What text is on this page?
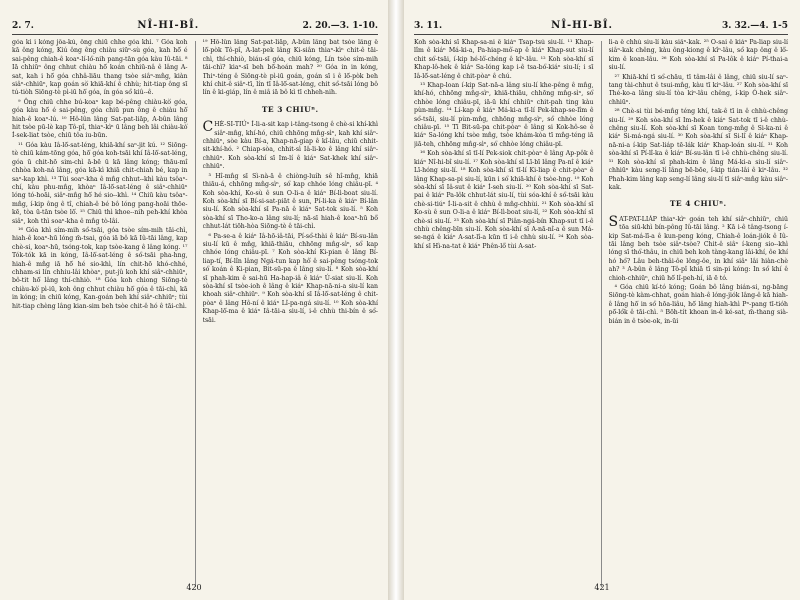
2. 7.	NÎ-HI-BÎ.	2. 20.—3. 1-10.

góa kì i kóng jôa-kú, ông chiū chhe góa khì. ⁷ Góa koh kā ông kóng, Kiú ông êng chiàu siūⁿ-sù góa, kah hō͘ é sai-pêng chiah-ê koaⁿ-lí-ló͘-nih pang-tān góa kàu Iû-tāi. ⁸ Iā chhiūⁿ ông chhut chiàu hō͘ koán chhiū-nâ ê lâng A-sat, kah i hō͘ góa chhâ-liāu thang tsòe siâⁿ-mn̂g, kiàn siâⁿ-chhiūⁿ, kap goán sò͘ khiā-khí ê chhù; hit-tiap ông sī tú-tiòh Siōng-tè pì-iū hō͘ góa, ín góa só͘ kiû--ê.

⁹ Ông chiū chhe bú-koaⁿ kap bé-pêng chiàu-kò͘ góa, góa kàu hō͘ é sai-pêng, góa chiū pun ông ê chiàu hō͘ hiah-ê koaⁿ-lú. ¹⁰ Hô-lûn lâng Sat-pat-liāp, A-bûn lâng hit tsòe pū-lè kap Tô-pî, thiaⁿ-kìⁿ ū lâng beh lâi chiàu-kò͘ Í-sek-liat tsòe, chiū tôa iu-būn.

¹¹ Góa kàu Iâ-lō͘-sat-léng, khiā-khí saⁿ-jit kú. ¹² Siōng-tè chiū kám-tōng góa, hō͘ góa koh-tsāi khí Iâ-lō͘-sat-léng, góa ū chit-hō sim-chì ā-bē ū kā lâng kóng; thāu-mî chhòa koh-ná lâng, góa kā-kì khiā chit-chiah bé, kap in saⁿ-kap khì. ¹³ Tùi soaⁿ-kha ê mn̂g chhut--khì kàu tsôaⁿ-chí, kàu phu-mn̂g, khòaⁿ Iâ-lō͘-sat-léng ê siâⁿ-chhiūⁿ lóng tó-hoāi, siâⁿ-mn̂g hō͘ hé sio--khì. ¹⁴ Chiū kàu tsôaⁿ-mn̂g, í-kip ông ê tî, chiah-ê bé bô lóng pang-hoāi thōe-kē, tòa ū-tān tsòe lō͘. ¹⁵ Chiū thì khoe--nih peh-khí khòa siâⁿ, koh thì soaⁿ-kha ê mn̂g tò-lâi.

¹⁶ Góa khì sím-mih só͘-tsāi, góa tsòe sím-mih tāi-chì, hiah-ê koaⁿ-hū lóng m̄-tsai, góa iā bô kā Iû-tāi lâng, kap chè-si, koaⁿ-hū, tsóng-tok, kap tsòe-kang ê lâng kóng. ¹⁷ Tók-tók kā in kóng, Iâ-lō͘-sat-léng ê só͘-tsāi pha-hng, hiah-ê mn̂g iā hō͘ hé sio-khì, lín chit-hō khó-chhé, chham-si lín chhiu-lâi khòaⁿ, put-jû koh khí siâⁿ-chhiūⁿ, bô-tit hō͘ lâng thí-chhiò. ¹⁸ Góa koh chiong Siōng-tè chiàu-kò͘ pì-iū, koh ông chhut chiàu hō͘ góa ê tāi-chì, kā in kóng; in chiū kóng, Kan-goán beh khí siâⁿ-chhiūⁿ; tùi hit-tiap chèng lâng kian-sim beh tsòe chit-ê hó ê tāi-chì.

¹⁹ Hô-lûn lâng Sat-pat-liāp, A-bûn lâng bat tsòe lâng ê lō͘-pòk Tô-pî, A-lat-pek lâng Ki-siân thiaⁿ-kìⁿ chit-ê tāi-chì, thí-chhiò, biáu-sī góa, chiū kóng, Lín tsòe sím-mih tāi-chì? kiaⁿ-sī beh bō͘-hoán mah? ²⁰ Góa in in kóng, Thiⁿ-téng ê Siōng-tè pì-iū goán, goán sī i ê lō͘-pòk beh khí chit-ê siâⁿ-tī, lín tī Iâ-lō͘-sat-léng, chit só͘-tsāi lóng bô lín ê ki-giáp, lín ê miâ iā bô kì tī chheh-nih.

TE 3 CHIUⁿ.

CHÈ-SI-TIÚⁿ Í-li-a-sit kap i-tâng-tsong ê chè-si khí-khì siâⁿ-mn̂g, khí-hó, chiū chhōng mn̂g-sìⁿ, kah khí siâⁿ-chhiūⁿ, sòe kàu Bí-a, Khap-nā-giap ê kî-lâu, chiū chhit-sit-khí-hó. ² Chiap-sòa, chhit-sì Iâ-li-ko ê lâng khí siâⁿ-chhiūⁿ. Koh sòa-khí sī Im-lí ê kiáⁿ Sat-khek khí siâⁿ-chhiūⁿ.

³ Hî-mn̂g sī Sì-nà-ā ê chiòng-lui̍h sê hî-mn̂g, khiā thiāu-á, chhōng mn̂g-sìⁿ, só͘ kap chhóe lóng chiâu-pī. ⁴ Koh sòa-khí, Ko-sù ê sun O-li-a ê kiáⁿ Bí-lì-boat siu-lí. Koh sòa-khí sī Bí-si-sat-piāt ê sun, Pí-li-ka ê kiáⁿ Bí-lân siu-lí. Koh sòa-khí sī Pa-nā ê kiáⁿ Sat-tok siu-lí. ⁵ Koh sòa-khí sī Tho-ko-a lâng siu-lí; nā-sī hiah-ê koaⁿ-hū bô͘ chhut-lát tiōh-hòa Siōng-tè ê tāi-chì.

⁶ Pa-se-a ê kiáⁿ Iâ-hō-iâ-tāi, Pí-só͘-thài ê kiáⁿ Bí-su-lân siu-lí kū ê mn̂g, khiā-thiāu, chhōng mn̂g-sìⁿ, só͘ kap chhóe lóng chiâu-pī. ⁷ Koh sòa-khí Ki-pian ê lâng Bí-liap-tí, Bí-lîn lâng Ngá-tun kap hô͘ ê sai-pêng tsóng-tok só͘ koán ê Ki-pian, Bit-sū-pa ê lâng siu-lí. ⁸ Koh sòa-khí sī phah-kim ê sai-hū Ha-hap-iâ ê kiáⁿ Ú-siat siu-lí. Koh sòa-khí sī tsòe-ioh ê lâng ê kiáⁿ Khap-nā-ni-a siu-lí kan khoah siâⁿ-chhiūⁿ. ⁹ Koh sòa-khí sī Iâ-lō͘-sat-léng ê chit-pòaⁿ ê lâng Hô-ní ê kiáⁿ Lî-pa-ngá siu-lí. ¹⁰ Koh sòa-khí Khap-lō͘-ma ê kiáⁿ Iâ-tāi-a siu-lí, i-ê chhù thi-bín ê só͘-tsāi.

420
3. 11.	NÎ-HI-BÎ.	3. 32.—4. 1-5

Koh sòa-khí sī Khap-sa-ni ê kiáⁿ Tsap-tsú siu-lí. ¹¹ Khap-lîm ê kiáⁿ Má-ki-a, Pa-hiap-mô͘-ap ê kiáⁿ Khap-sut siu-lí chit só͘-tsāi, í-kip hé-lô͘-chéng ê kîⁿ-lâu. ¹² Koh sòa-khí sī Khap-lô-hek ê kiáⁿ Sa-lóng kap i-ê tsa-bó͘-kiáⁿ siu-lí; i sī Iâ-lō͘-sat-léng ê chit-pòaⁿ ê chú.

¹³ Khap-loan í-kip Sat-nā-a lâng siu-lí khe-pêng ê mn̂g, khí-hó, chhōng mn̂g-sìⁿ, khiā-thiāu, chhōng mn̂g-sìⁿ, só͘ chhòe lóng chiâu-pī, iā-ū khí chhiūⁿ chit-pah ting kàu pùn-mn̂g. ¹⁴ Lí-kap ê kiáⁿ Má-ki-a tī-lí Pek-khap-se-lîm ê só͘-tsāi, siu-lí pùn-mn̂g, chhōng mn̂g-sìⁿ, só͘ chhòe lóng chiâu-pī. ¹⁵ Tī Bit-sū-pa chit-pòaⁿ ê lâng si Kok-hô-se ê kiáⁿ Sa-lóng khí tsòe mn̂g, tsòe khám-kòa tī mn̂g-téng iā jiā-teh, chhōng mn̂g-sìⁿ, só͘ chhòe lóng chiâu-pī.

¹⁶ Koh sòa-khí sī tī-lí Pek-siok chit-pòaⁿ ê lâng Ap-pôk ê kiáⁿ Nî-hi-bî siu-lí. ¹⁷ Koh sòa-khí sī Lī-bī lâng Pa-nî ê kiáⁿ Lī-hóng siu-lí. ¹⁸ Koh sòa-khí sī tī-lí Ki-liap ê chit-pòaⁿ ê lâng Khap-sa-pi siu-lí, kūn i só͘ khiā-khí ê tsòe-hng. ¹⁹ Koh sòa-khí sī Iâ-sut ê kiáⁿ Í-seh siu-lí. ²⁰ Koh sòa-khí sī Sat-pai ê kiáⁿ Pa-lôk chhut-lát siu-lí, tùi sóa-khí ê só͘-tsāi kàu chè-si-tiúⁿ Í-li-a-sit ê chhù ê mn̂g-chhùi. ²¹ Koh sòa-khí sī Ko-sù ê sun O-li-a ê kiáⁿ Bí-lì-boat siu-lí, ²² Koh sòa-khí sī chè-si siu-lí. ²³ Koh sòa-khí sī Piân-ngá-bín Khap-sut tī i-ê chhù chêng-bīn siu-lí. Koh sòa-khí sī A-nā-nî-a ê sun Má-se-ngá ê kiáⁿ A-sat-lî-a kūn tī i-ê chhù siu-lí. ²⁴ Koh sòa-khí sī Hì-na-tat ê kiáⁿ Phên-lô͘ tùi A-sat-

lì-a ê chhù siu-lí kàu siâⁿ-kak. ²⁵ O-sai ê kiáⁿ Pa-liap siu-lí siâⁿ-kak chêng, kàu ông-kiong ê kîⁿ-lâu, só͘ kap ông ê lô͘-kim ê koan-lâu. ²⁶ Koh sòa-khí sī Pa-lôk ê kiáⁿ Pí-thai-a siu-lí.

²⁷ Khiā-khí tī só͘-chāu, tī tâm-lâi ê lâng, chiū siu-lí saⁿ-tang tài-chhut ê tsui-mn̂g, kàu tī kiⁿ-lâu. ²⁷ Koh sòa-khí sī Thé-ko-a lâng siu-lí tòa kiⁿ-lâu chêng, í-kip Ó-hek siâⁿ-chhiūⁿ.

²⁸ Chè-si tùi bé-mn̂g téng khí, tak-ê tī in ê chhù-chêng siu-lí. ²⁹ Koh sòa-khí sī Im-hek ê kiáⁿ Sat-tok tī i-ê chhù-chêng siu-lí. Koh sòa-khí sī Koan tong-mn̂g ê Si-ka-ni ê kiáⁿ Si-má-ngá siu-lí. ³⁰ Koh sòa-khí sī Si-lî ê kiáⁿ Khap-nā-ni-a í-kip Sat-liáp tē-lák kiáⁿ Khap-loán siu-lí. ³¹ Koh sòa-khí sī Pí-lî-ka ê kiáⁿ Bí-su-lân tī i-ê chhù-chêng siu-lí. ³¹ Koh sòa-khí sī phah-kim ê lâng Má-ki-a siu-lí siâⁿ-chhiūⁿ kàu seng-lí lâng bē-bōe, í-kip tián-lâi ê kiⁿ-lâu. ³² Phah-kim lâng kap seng-lí lâng siu-lí tī siâⁿ-mn̂g kàu siâⁿ-kak.

TE 4 CHIUⁿ.

SAT-PAT-LIÁP thiaⁿ-kìⁿ goán teh khí siâⁿ-chhiūⁿ, chiū tōa siū-khì bín-pông Iû-tāi lâng. ² Kā i-ê tâng-tsong í-kip Sat-má-lī-a ê kun-peng kóng, Chiah-ê loán-jiók ê Iû-tāi lâng beh tsòe siâⁿ-tsòe? Chit-ê siâⁿ í-keng sio--khì lóng sī thó͘-thâu, in chiū beh koh tàng-kang lâi-khí, ôe khí hó hó͘? Lâu beh-thâi-ôe lông-ôe, in khí siâⁿ lâi hiàn-chè ah? ³ A-bûn ê lâng Tô-pî khiā tī sin-pi kóng: In só͘ khí ê chioh-chhiūⁿ, chiū hō͘ lî-peh-hí, iā ē tó.

⁴ Góa chiū kí-tó kóng; Goán bô lâng bián-si, ng-bāng Siōng-tè kàm-chhat, goán hiah-ê lóng-jiók lâng-ê kā hiah-ê lâng hō͘ in só͘ hōa-liâu, hō͘ lâng hiah-khì Pⁿ-pang tī-tióh pō͘-ló͘k ê tāi-chì. ⁵ Bōh-tít khoan in-ê ké-sat, m̄-thang sià-bián in ê tsòe-ok, in-ūi

421
